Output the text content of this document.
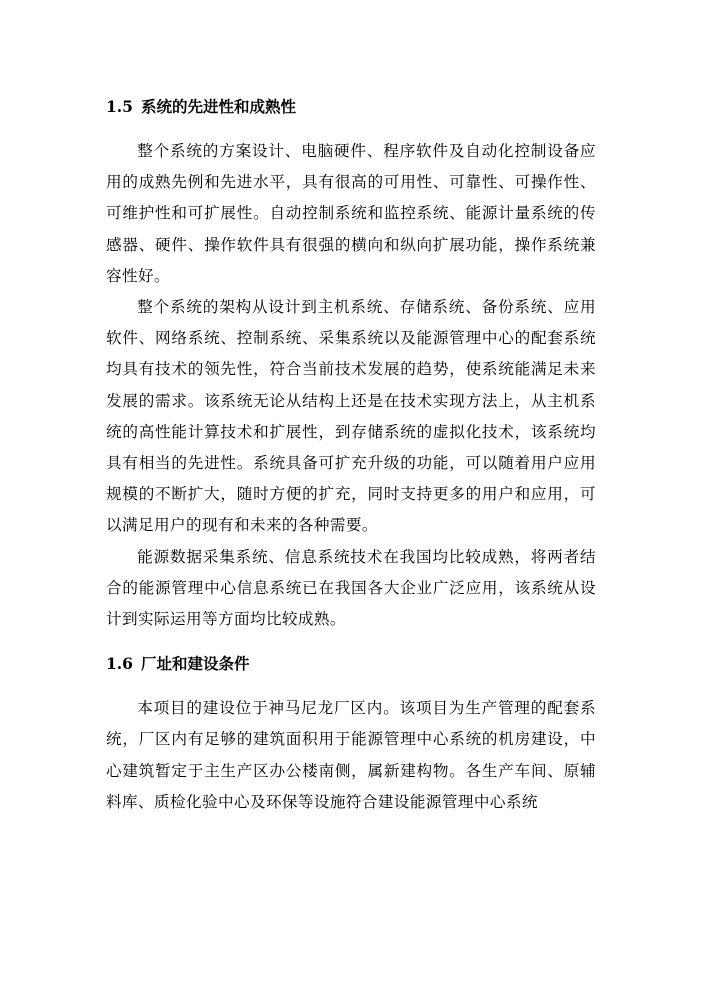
1.5 系统的先进性和成熟性

整个系统的方案设计、电脑硬件、程序软件及自动化控制设备应用的成熟先例和先进水平，具有很高的可用性、可靠性、可操作性、可维护性和可扩展性。自动控制系统和监控系统、能源计量系统的传感器、硬件、操作软件具有很强的横向和纵向扩展功能，操作系统兼容性好。

整个系统的架构从设计到主机系统、存储系统、备份系统、应用软件、网络系统、控制系统、采集系统以及能源管理中心的配套系统均具有技术的领先性，符合当前技术发展的趋势，使系统能满足未来发展的需求。该系统无论从结构上还是在技术实现方法上，从主机系统的高性能计算技术和扩展性，到存储系统的虚拟化技术，该系统均具有相当的先进性。系统具备可扩充升级的功能，可以随着用户应用规模的不断扩大，随时方便的扩充，同时支持更多的用户和应用，可以满足用户的现有和未来的各种需要。

能源数据采集系统、信息系统技术在我国均比较成熟，将两者结合的能源管理中心信息系统已在我国各大企业广泛应用，该系统从设计到实际运用等方面均比较成熟。

1.6 厂址和建设条件

本项目的建设位于神马尼龙厂区内。该项目为生产管理的配套系统，厂区内有足够的建筑面积用于能源管理中心系统的机房建设，中心建筑暂定于主生产区办公楼南侧，属新建构物。各生产车间、原辅料库、质检化验中心及环保等设施符合建设能源管理中心系统
